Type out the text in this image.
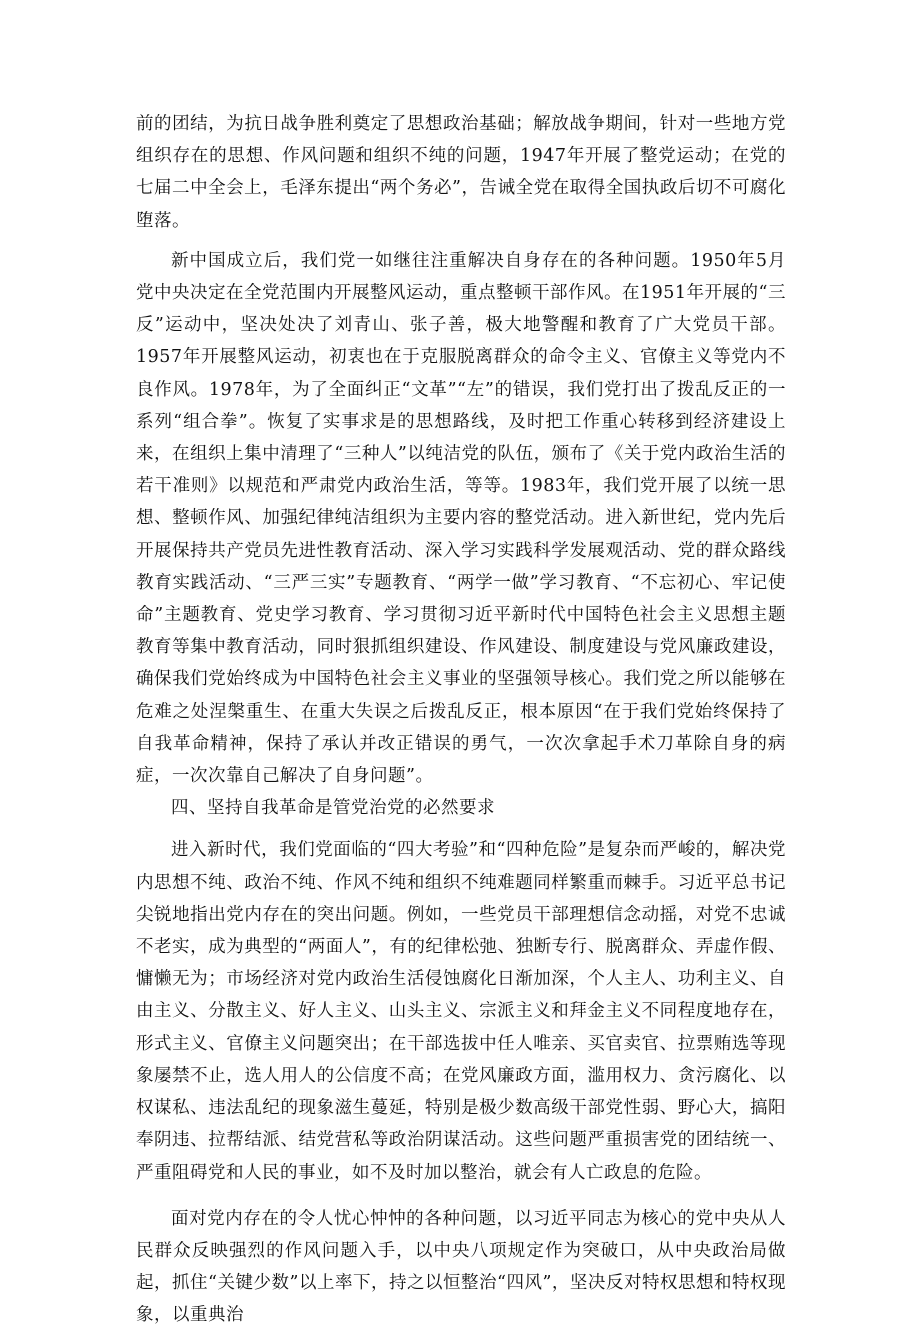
前的团结，为抗日战争胜利奠定了思想政治基础；解放战争期间，针对一些地方党组织存在的思想、作风问题和组织不纯的问题，1947年开展了整党运动；在党的七届二中全会上，毛泽东提出“两个务必”，告诫全党在取得全国执政后切不可腐化堕落。

新中国成立后，我们党一如继往注重解决自身存在的各种问题。1950年5月党中央决定在全党范围内开展整风运动，重点整顿干部作风。在1951年开展的“三反”运动中，坚决处决了刘青山、张子善，极大地警醒和教育了广大党员干部。1957年开展整风运动，初衷也在于克服脱离群众的命令主义、官僚主义等党内不良作风。1978年，为了全面纠正“文革”“左”的错误，我们党打出了拨乱反正的一系列“组合拳”。恢复了实事求是的思想路线，及时把工作重心转移到经济建设上来，在组织上集中清理了“三种人”以纯洁党的队伍，颁布了《关于党内政治生活的若干准则》以规范和严肃党内政治生活，等等。1983年，我们党开展了以统一思想、整顿作风、加强纪律纯洁组织为主要内容的整党活动。进入新世纪，党内先后开展保持共产党员先进性教育活动、深入学习实践科学发展观活动、党的群众路线教育实践活动、“三严三实”专题教育、“两学一做”学习教育、“不忘初心、牢记使命”主题教育、党史学习教育、学习贯彻习近平新时代中国特色社会主义思想主题教育等集中教育活动，同时狠抓组织建设、作风建设、制度建设与党风廉政建设，确保我们党始终成为中国特色社会主义事业的坚强领导核心。我们党之所以能够在危难之处涅槃重生、在重大失误之后拨乱反正，根本原因“在于我们党始终保持了自我革命精神，保持了承认并改正错误的勇气，一次次拿起手术刀革除自身的病症，一次次靠自己解决了自身问题”。

四、坚持自我革命是管党治党的必然要求

进入新时代，我们党面临的“四大考验”和“四种危险”是复杂而严峻的，解决党内思想不纯、政治不纯、作风不纯和组织不纯难题同样繁重而棘手。习近平总书记尖锐地指出党内存在的突出问题。例如，一些党员干部理想信念动摇，对党不忠诚不老实，成为典型的“两面人”，有的纪律松弛、独断专行、脱离群众、弄虚作假、慵懒无为；市场经济对党内政治生活侵蚀腐化日渐加深，个人主人、功利主义、自由主义、分散主义、好人主义、山头主义、宗派主义和拜金主义不同程度地存在，形式主义、官僚主义问题突出；在干部选拔中任人唯亲、买官卖官、拉票贿选等现象屡禁不止，选人用人的公信度不高；在党风廉政方面，滥用权力、贪污腐化、以权谋私、违法乱纪的现象滋生蔓延，特别是极少数高级干部党性弱、野心大，搞阳奉阴违、拉帮结派、结党营私等政治阴谋活动。这些问题严重损害党的团结统一、严重阻碍党和人民的事业，如不及时加以整治，就会有人亡政息的危险。

面对党内存在的令人忧心忡忡的各种问题，以习近平同志为核心的党中央从人民群众反映强烈的作风问题入手，以中央八项规定作为突破口，从中央政治局做起，抓住“关键少数”以上率下，持之以恒整治“四风”，坚决反对特权思想和特权现象，以重典治
